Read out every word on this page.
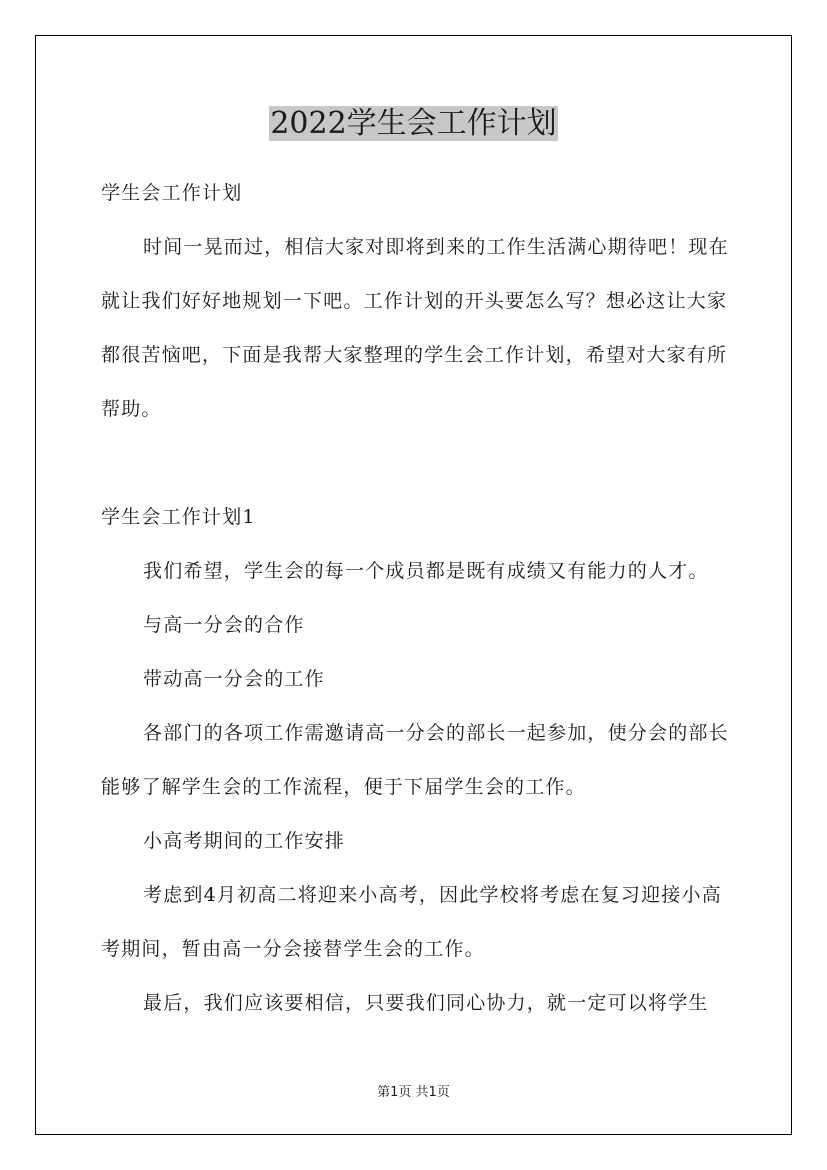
2022学生会工作计划

学生会工作计划

时间一晃而过，相信大家对即将到来的工作生活满心期待吧！现在就让我们好好地规划一下吧。工作计划的开头要怎么写？想必这让大家都很苦恼吧，下面是我帮大家整理的学生会工作计划，希望对大家有所帮助。

学生会工作计划1

我们希望，学生会的每一个成员都是既有成绩又有能力的人才。

与高一分会的合作

带动高一分会的工作

各部门的各项工作需邀请高一分会的部长一起参加，使分会的部长能够了解学生会的工作流程，便于下届学生会的工作。

小高考期间的工作安排

考虑到4月初高二将迎来小高考，因此学校将考虑在复习迎接小高考期间，暂由高一分会接替学生会的工作。

最后，我们应该要相信，只要我们同心协力，就一定可以将学生

第1页 共1页
